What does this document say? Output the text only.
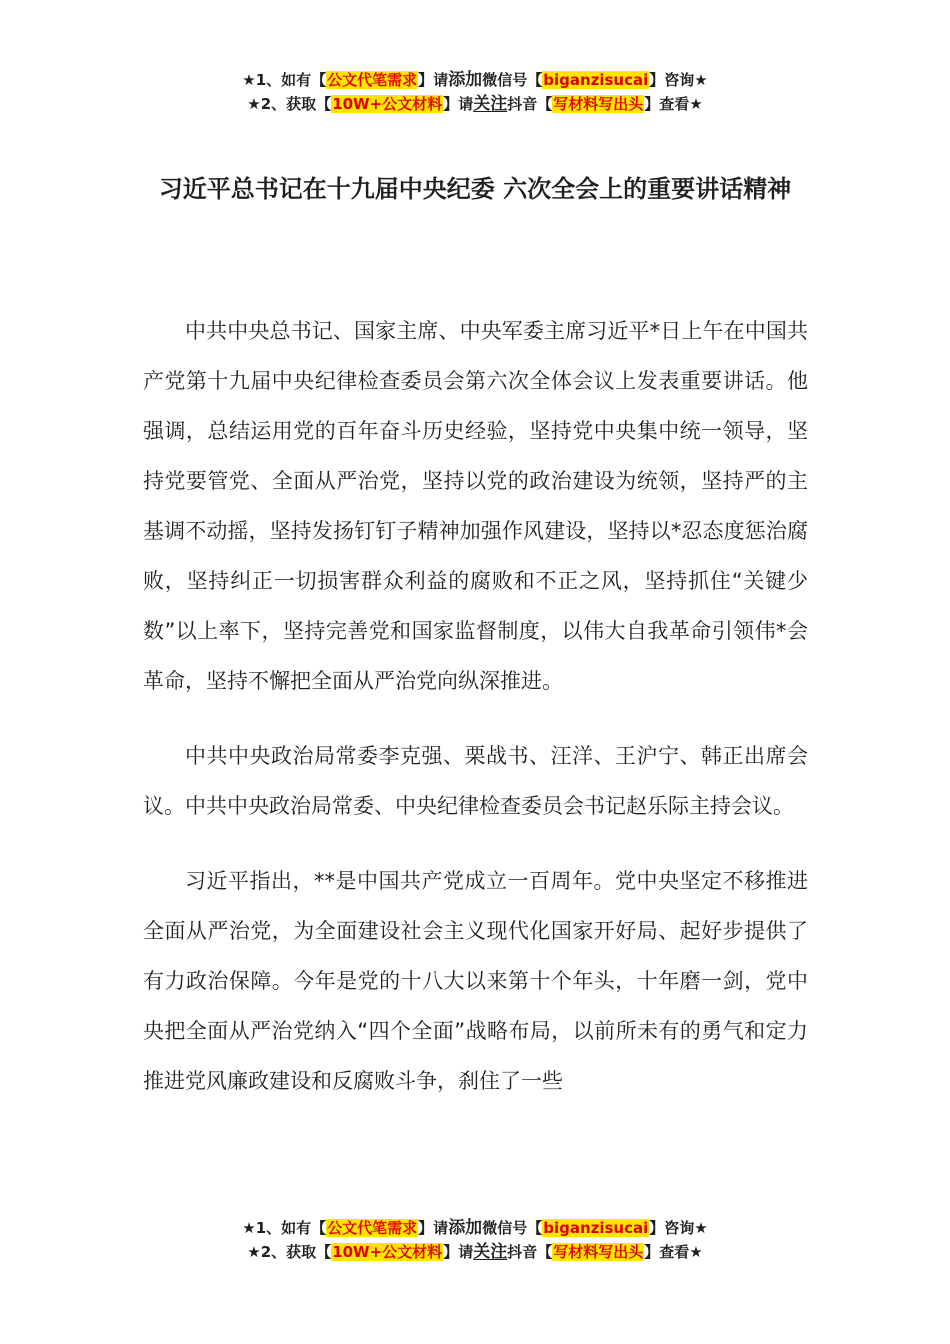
★1、如有【公文代笔需求】请添加微信号【biganzisucai】咨询★
★2、获取【10W+公文材料】请关注抖音【写材料写出头】查看★
习近平总书记在十九届中央纪委 六次全会上的重要讲话精神

中共中央总书记、国家主席、中央军委主席习近平*日上午在中国共产党第十九届中央纪律检查委员会第六次全体会议上发表重要讲话。他强调，总结运用党的百年奋斗历史经验，坚持党中央集中统一领导，坚持党要管党、全面从严治党，坚持以党的政治建设为统领，坚持严的主基调不动摇，坚持发扬钉钉子精神加强作风建设，坚持以*忍态度惩治腐败，坚持纠正一切损害群众利益的腐败和不正之风，坚持抓住“关键少数”以上率下，坚持完善党和国家监督制度，以伟大自我革命引领伟*会革命，坚持不懈把全面从严治党向纵深推进。

中共中央政治局常委李克强、栗战书、汪洋、王沪宁、韩正出席会议。中共中央政治局常委、中央纪律检查委员会书记赵乐际主持会议。

习近平指出，**是中国共产党成立一百周年。党中央坚定不移推进全面从严治党，为全面建设社会主义现代化国家开好局、起好步提供了有力政治保障。今年是党的十八大以来第十个年头，十年磨一剑，党中央把全面从严治党纳入“四个全面”战略布局，以前所未有的勇气和定力推进党风廉政建设和反腐败斗争，刹住了一些

★1、如有【公文代笔需求】请添加微信号【biganzisucai】咨询★
★2、获取【10W+公文材料】请关注抖音【写材料写出头】查看★
